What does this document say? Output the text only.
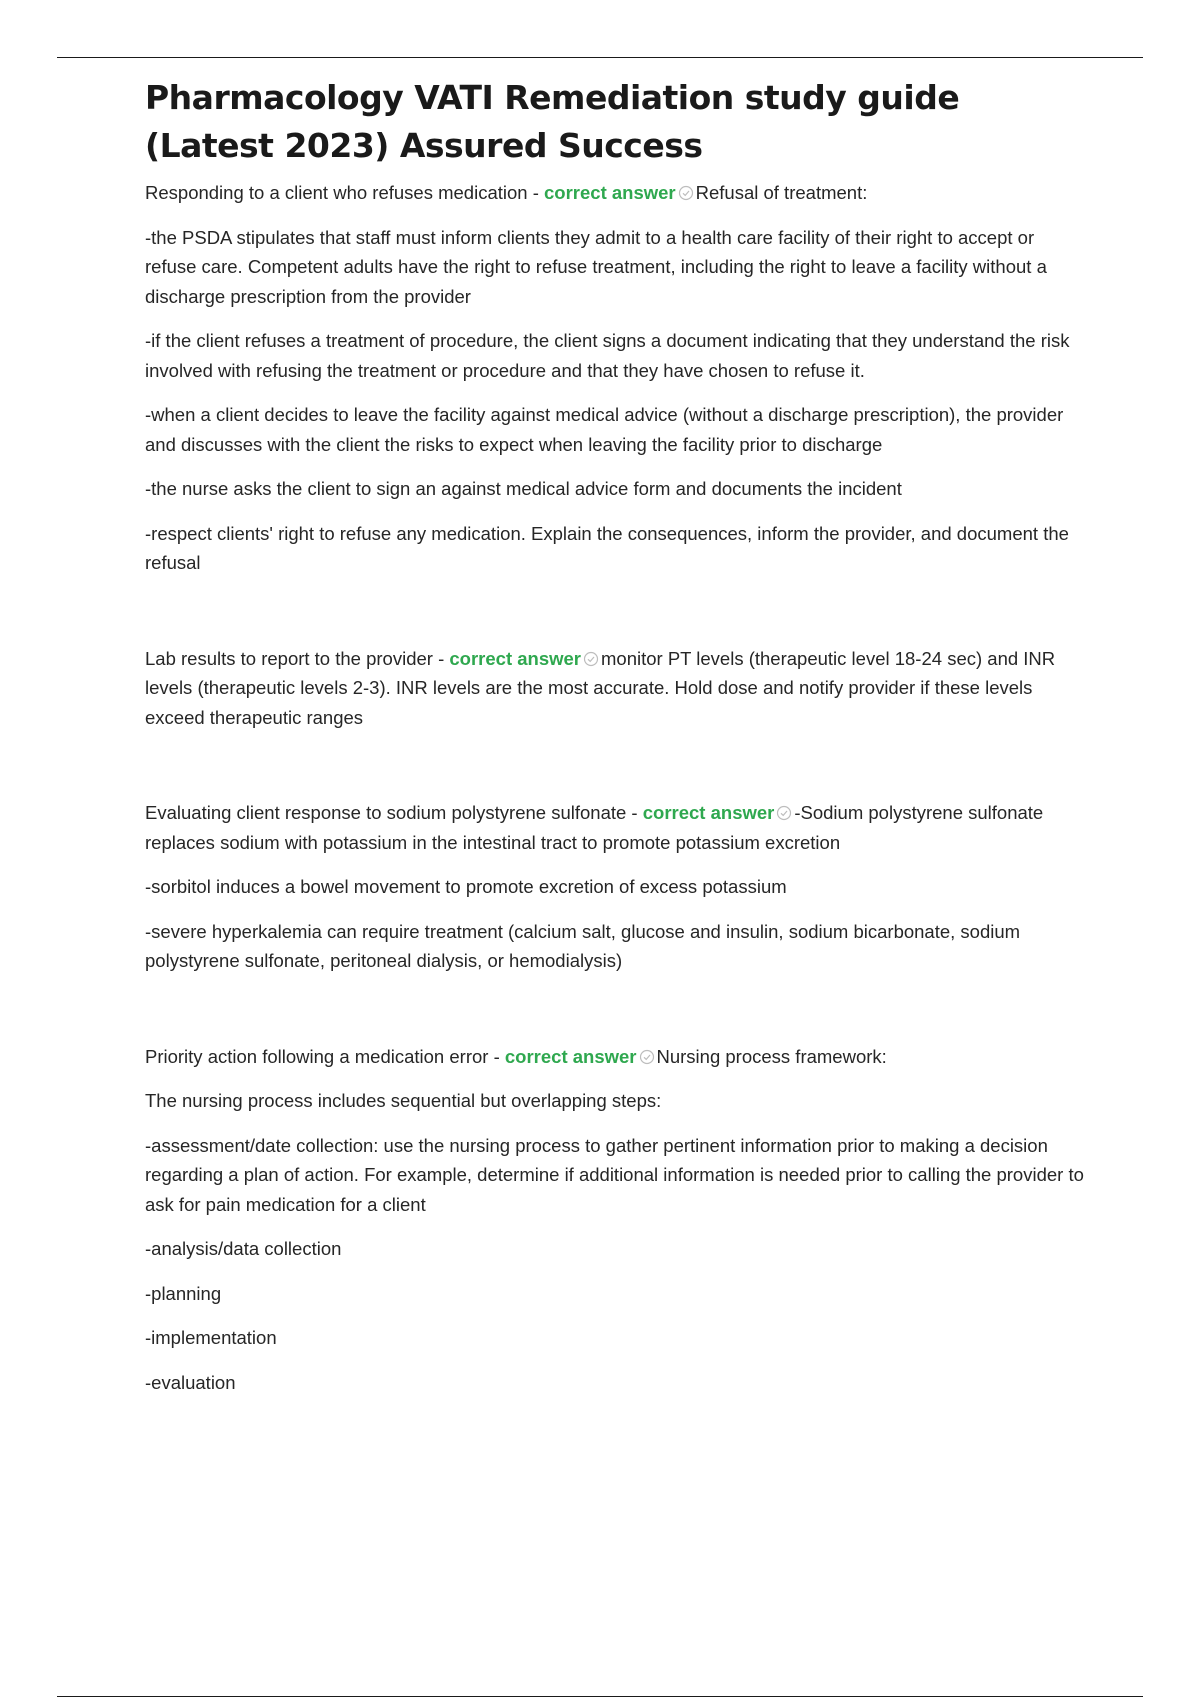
Pharmacology VATI Remediation study guide (Latest 2023) Assured Success

Responding to a client who refuses medication - correct answer Refusal of treatment:

-the PSDA stipulates that staff must inform clients they admit to a health care facility of their right to accept or refuse care. Competent adults have the right to refuse treatment, including the right to leave a facility without a discharge prescription from the provider

-if the client refuses a treatment of procedure, the client signs a document indicating that they understand the risk involved with refusing the treatment or procedure and that they have chosen to refuse it.

-when a client decides to leave the facility against medical advice (without a discharge prescription), the provider and discusses with the client the risks to expect when leaving the facility prior to discharge

-the nurse asks the client to sign an against medical advice form and documents the incident

-respect clients' right to refuse any medication. Explain the consequences, inform the provider, and document the refusal

Lab results to report to the provider - correct answer monitor PT levels (therapeutic level 18-24 sec) and INR levels (therapeutic levels 2-3). INR levels are the most accurate. Hold dose and notify provider if these levels exceed therapeutic ranges

Evaluating client response to sodium polystyrene sulfonate - correct answer -Sodium polystyrene sulfonate replaces sodium with potassium in the intestinal tract to promote potassium excretion

-sorbitol induces a bowel movement to promote excretion of excess potassium

-severe hyperkalemia can require treatment (calcium salt, glucose and insulin, sodium bicarbonate, sodium polystyrene sulfonate, peritoneal dialysis, or hemodialysis)

Priority action following a medication error - correct answer Nursing process framework:

The nursing process includes sequential but overlapping steps:

-assessment/date collection: use the nursing process to gather pertinent information prior to making a decision regarding a plan of action. For example, determine if additional information is needed prior to calling the provider to ask for pain medication for a client

-analysis/data collection

-planning

-implementation

-evaluation
